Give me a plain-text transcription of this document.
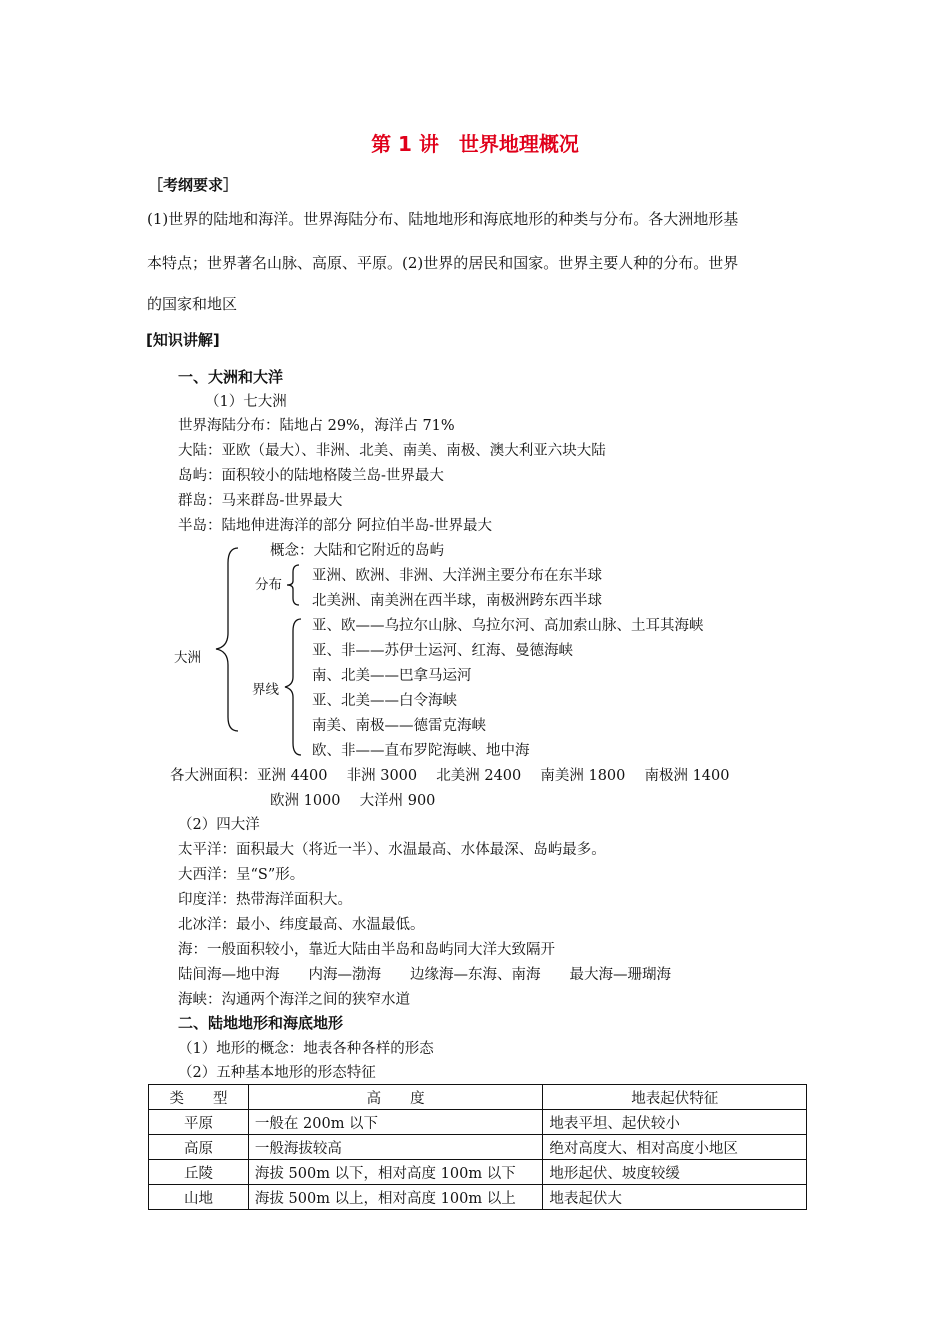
第 1 讲　世界地理概况
［考纲要求］
(1)世界的陆地和海洋。世界海陆分布、陆地地形和海底地形的种类与分布。各大洲地形基
本特点；世界著名山脉、高原、平原。(2)世界的居民和国家。世界主要人种的分布。世界
的国家和地区
[知识讲解]
一、大洲和大洋
（1）七大洲
世界海陆分布：陆地占 29%，海洋占 71%
大陆：亚欧（最大）、非洲、北美、南美、南极、澳大利亚六块大陆
岛屿：面积较小的陆地格陵兰岛-世界最大
群岛：马来群岛-世界最大
半岛：陆地伸进海洋的部分 阿拉伯半岛-世界最大
大洲
概念：大陆和它附近的岛屿
分布
亚洲、欧洲、非洲、大洋洲主要分布在东半球
北美洲、南美洲在西半球，南极洲跨东西半球
界线
亚、欧——乌拉尔山脉、乌拉尔河、高加索山脉、土耳其海峡
亚、非——苏伊士运河、红海、曼德海峡
南、北美——巴拿马运河
亚、北美——白令海峡
南美、南极——德雷克海峡
欧、非——直布罗陀海峡、地中海
各大洲面积：亚洲 4400　 非洲 3000　 北美洲 2400　 南美洲 1800　 南极洲 1400
欧洲 1000　 大洋州 900
（2）四大洋
太平洋：面积最大（将近一半）、水温最高、水体最深、岛屿最多。
大西洋：呈“S”形。
印度洋：热带海洋面积大。
北冰洋：最小、纬度最高、水温最低。
海：一般面积较小，靠近大陆由半岛和岛屿同大洋大致隔开
陆间海—地中海　　内海—渤海　　边缘海—东海、南海　　最大海—珊瑚海
海峡：沟通两个海洋之间的狭窄水道
二、陆地地形和海底地形
（1）地形的概念：地表各种各样的形态
（2）五种基本地形的形态特征
类　　型	高　　度	地表起伏特征
平原	一般在 200m 以下	地表平坦、起伏较小
高原	一般海拔较高	绝对高度大、相对高度小地区
丘陵	海拔 500m 以下，相对高度 100m 以下	地形起伏、坡度较缓
山地	海拔 500m 以上，相对高度 100m 以上	地表起伏大
